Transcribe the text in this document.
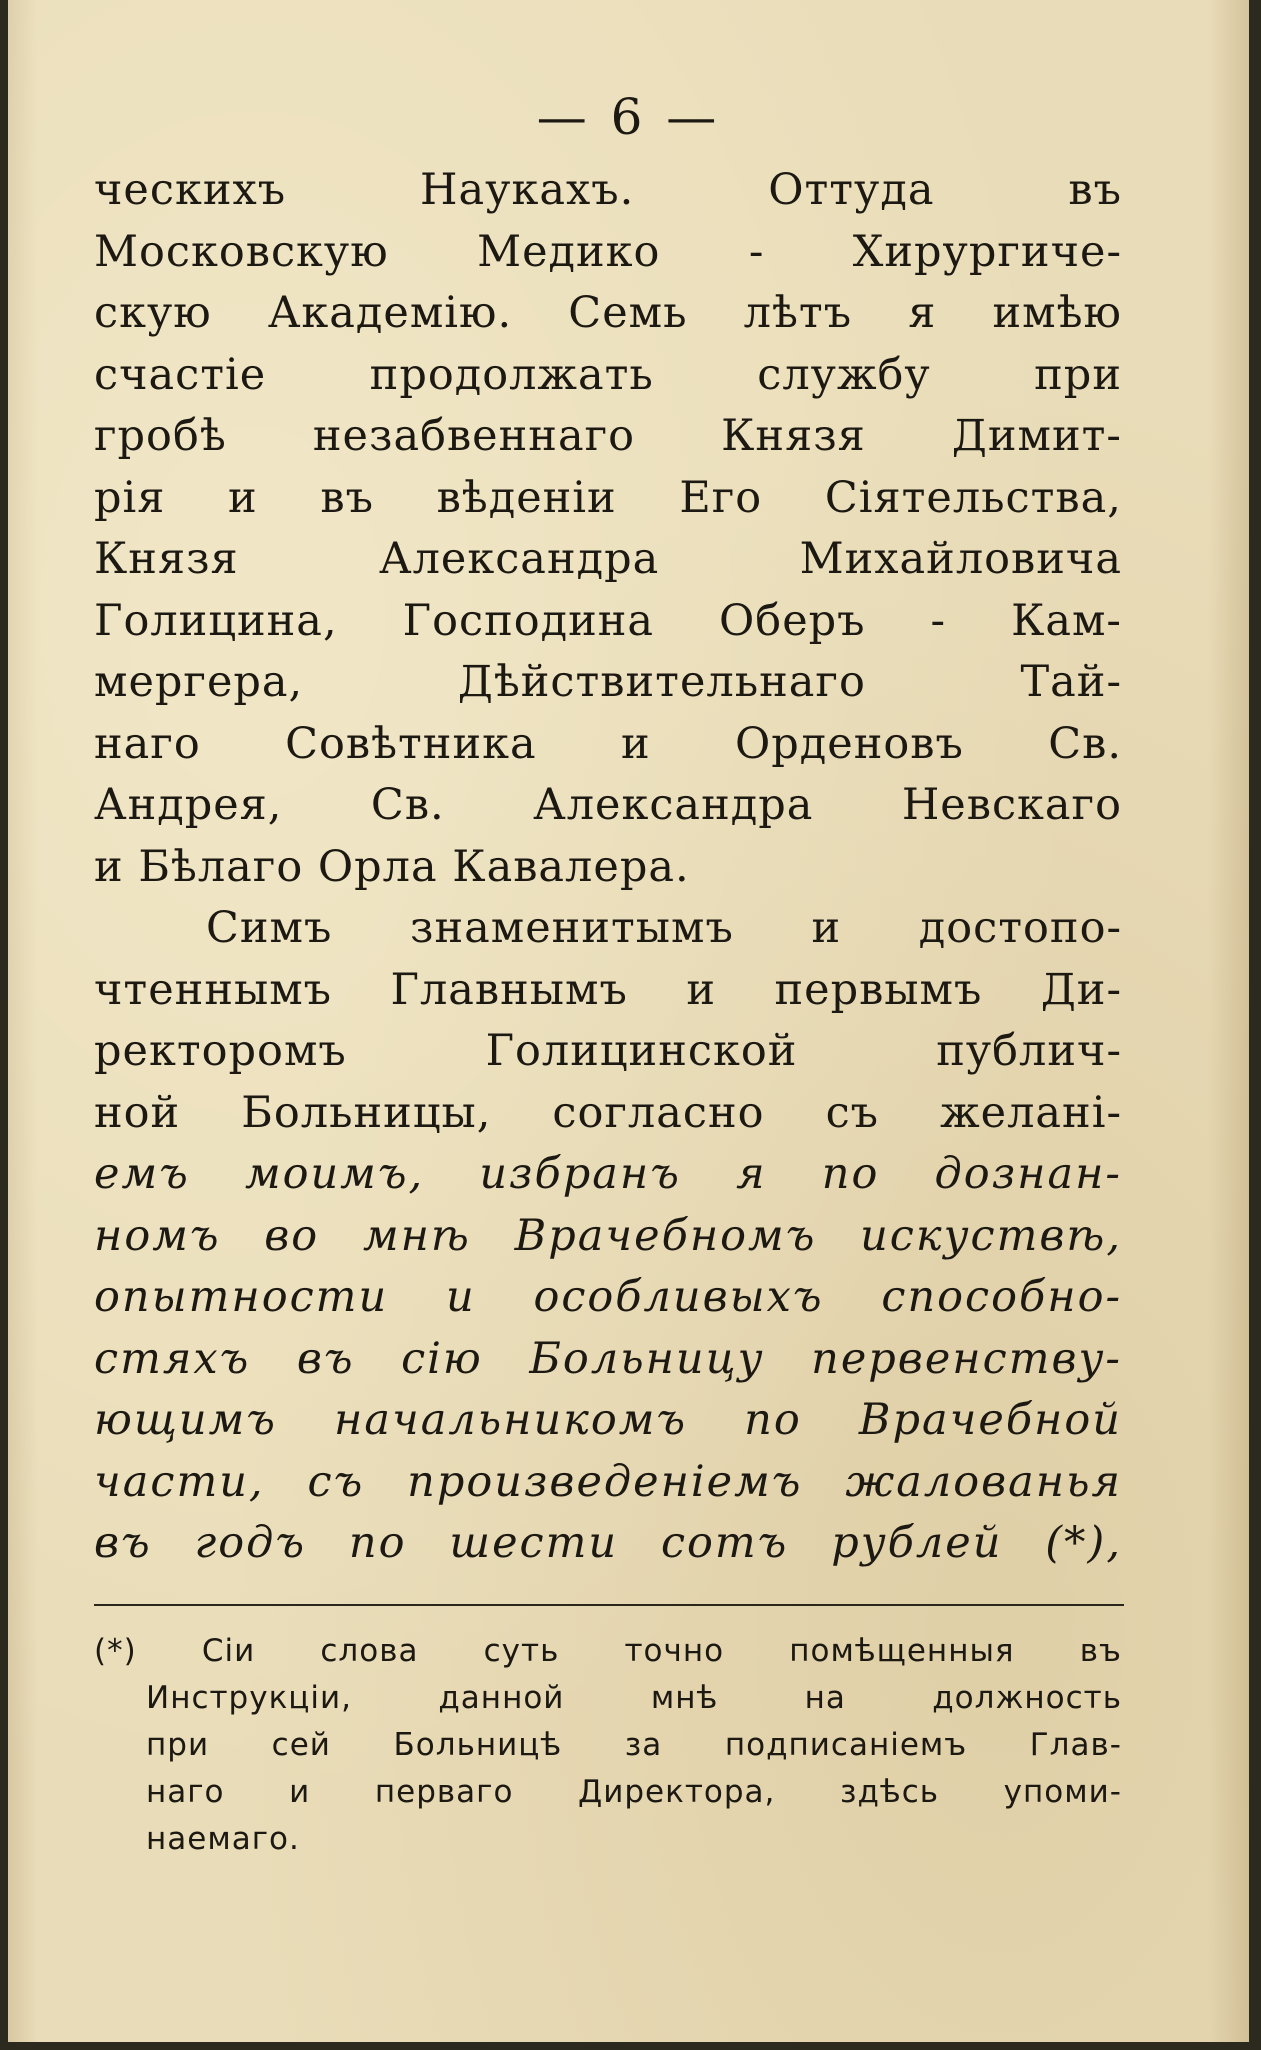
— 6 —
ческихъ	Наукахъ.	Оттуда	въ
Московскую Медико - Хирургиче-
скую Академію. Семь лѣтъ я имѣю
счастіе продолжать службу при
гробѣ незабвеннаго Князя Димит-
рія и въ вѣденіи Его Сіятельства,
Князя	Александра	Михайловича
Голицина, Господина Оберъ - Кам-
мергера,	Дѣйствительнаго	Тай-
наго Совѣтника и Орденовъ Св.
Андрея, Св. Александра Невскаго
и Бѣлаго Орла Кавалера.
Симъ знаменитымъ и достопо-
чтеннымъ Главнымъ и первымъ Ди-
ректоромъ	Голицинской	публич-
ной Больницы, согласно съ желані-
емъ моимъ, избранъ я по дознан-
номъ во мнѣ Врачебномъ искуствѣ,
опытности и особливыхъ способно-
стяхъ въ сію Больницу первенству-
ющимъ начальникомъ по Врачебной
части, съ произведеніемъ жалованья
въ годъ по шести сотъ рублей (*),
(*) Сіи слова суть точно помѣщенныя въ
Инструкціи,	данной	мнѣ	на	должность
при сей Больницѣ за подписаніемъ Глав-
наго и перваго Директора, здѣсь упоми-
наемаго.
